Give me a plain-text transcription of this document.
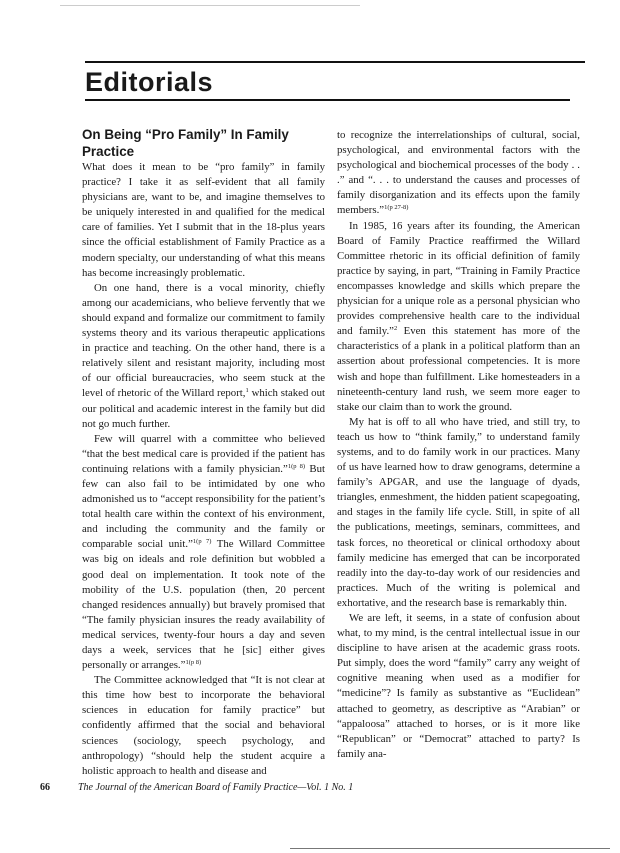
Editorials
On Being “Pro Family” In Family Practice

What does it mean to be “pro family” in family practice? I take it as self-evident that all family physicians are, want to be, and imagine themselves to be uniquely interested in and qualified for the medical care of families. Yet I submit that in the 18-plus years since the official establishment of Family Practice as a modern specialty, our understanding of what this means has become increasingly problematic.

On one hand, there is a vocal minority, chiefly among our academicians, who believe fervently that we should expand and formalize our commitment to family systems theory and its various therapeutic applications in practice and teaching. On the other hand, there is a relatively silent and resistant majority, including most of our official bureaucracies, who seem stuck at the level of rhetoric of the Willard report,$^1$ which staked out our political and academic interest in the family but did not go much further.

Few will quarrel with a committee who believed “that the best medical care is provided if the patient has continuing relations with a family physician.”$^{1(p 8)}$ But few can also fail to be intimidated by one who admonished us to “accept responsibility for the patient’s total health care within the context of his environment, and including the community and the family or comparable social unit.”$^{1(p 7)}$ The Willard Committee was big on ideals and role definition but wobbled a good deal on implementation. It took note of the mobility of the U.S. population (then, 20 percent changed residences annually) but bravely promised that “The family physician insures the ready availability of medical services, twenty-four hours a day and seven days a week, services that he [sic] either gives personally or arranges.”$^{1(p 8)}$

The Committee acknowledged that “It is not clear at this time how best to incorporate the behavioral sciences in education for family practice” but confidently affirmed that the social and behavioral sciences (sociology, speech psychology, and anthropology) “should help the student acquire a holistic approach to health and disease and

to recognize the interrelationships of cultural, social, psychological, and environmental factors with the psychological and biochemical processes of the body . . .” and “. . . to understand the causes and processes of family disorganization and its effects upon the family members.”$^{1(p 27-8)}$

In 1985, 16 years after its founding, the American Board of Family Practice reaffirmed the Willard Committee rhetoric in its official definition of family practice by saying, in part, “Training in Family Practice encompasses knowledge and skills which prepare the physician for a unique role as a personal physician who provides comprehensive health care to the individual and family.”$^2$ Even this statement has more of the characteristics of a plank in a political platform than an assertion about professional competencies. It is more wish and hope than fulfillment. Like homesteaders in a nineteenth-century land rush, we seem more eager to stake our claim than to work the ground.

My hat is off to all who have tried, and still try, to teach us how to “think family,” to understand family systems, and to do family work in our practices. Many of us have learned how to draw genograms, determine a family’s APGAR, and use the language of dyads, triangles, enmeshment, the hidden patient scapegoating, and stages in the family life cycle. Still, in spite of all the publications, meetings, seminars, committees, and task forces, no theoretical or clinical orthodoxy about family medicine has emerged that can be incorporated readily into the day-to-day work of our residencies and practices. Much of the writing is polemical and exhortative, and the research base is remarkably thin.

We are left, it seems, in a state of confusion about what, to my mind, is the central intellectual issue in our discipline to have arisen at the academic grass roots. Put simply, does the word “family” carry any weight of cognitive meaning when used as a modifier for “medicine”? Is family as substantive as “Euclidean” attached to geometry, as descriptive as “Arabian” or “appaloosa” attached to horses, or is it more like “Republican” or “Democrat” attached to party? Is family ana-

66	The Journal of the American Board of Family Practice—Vol. 1 No. 1
